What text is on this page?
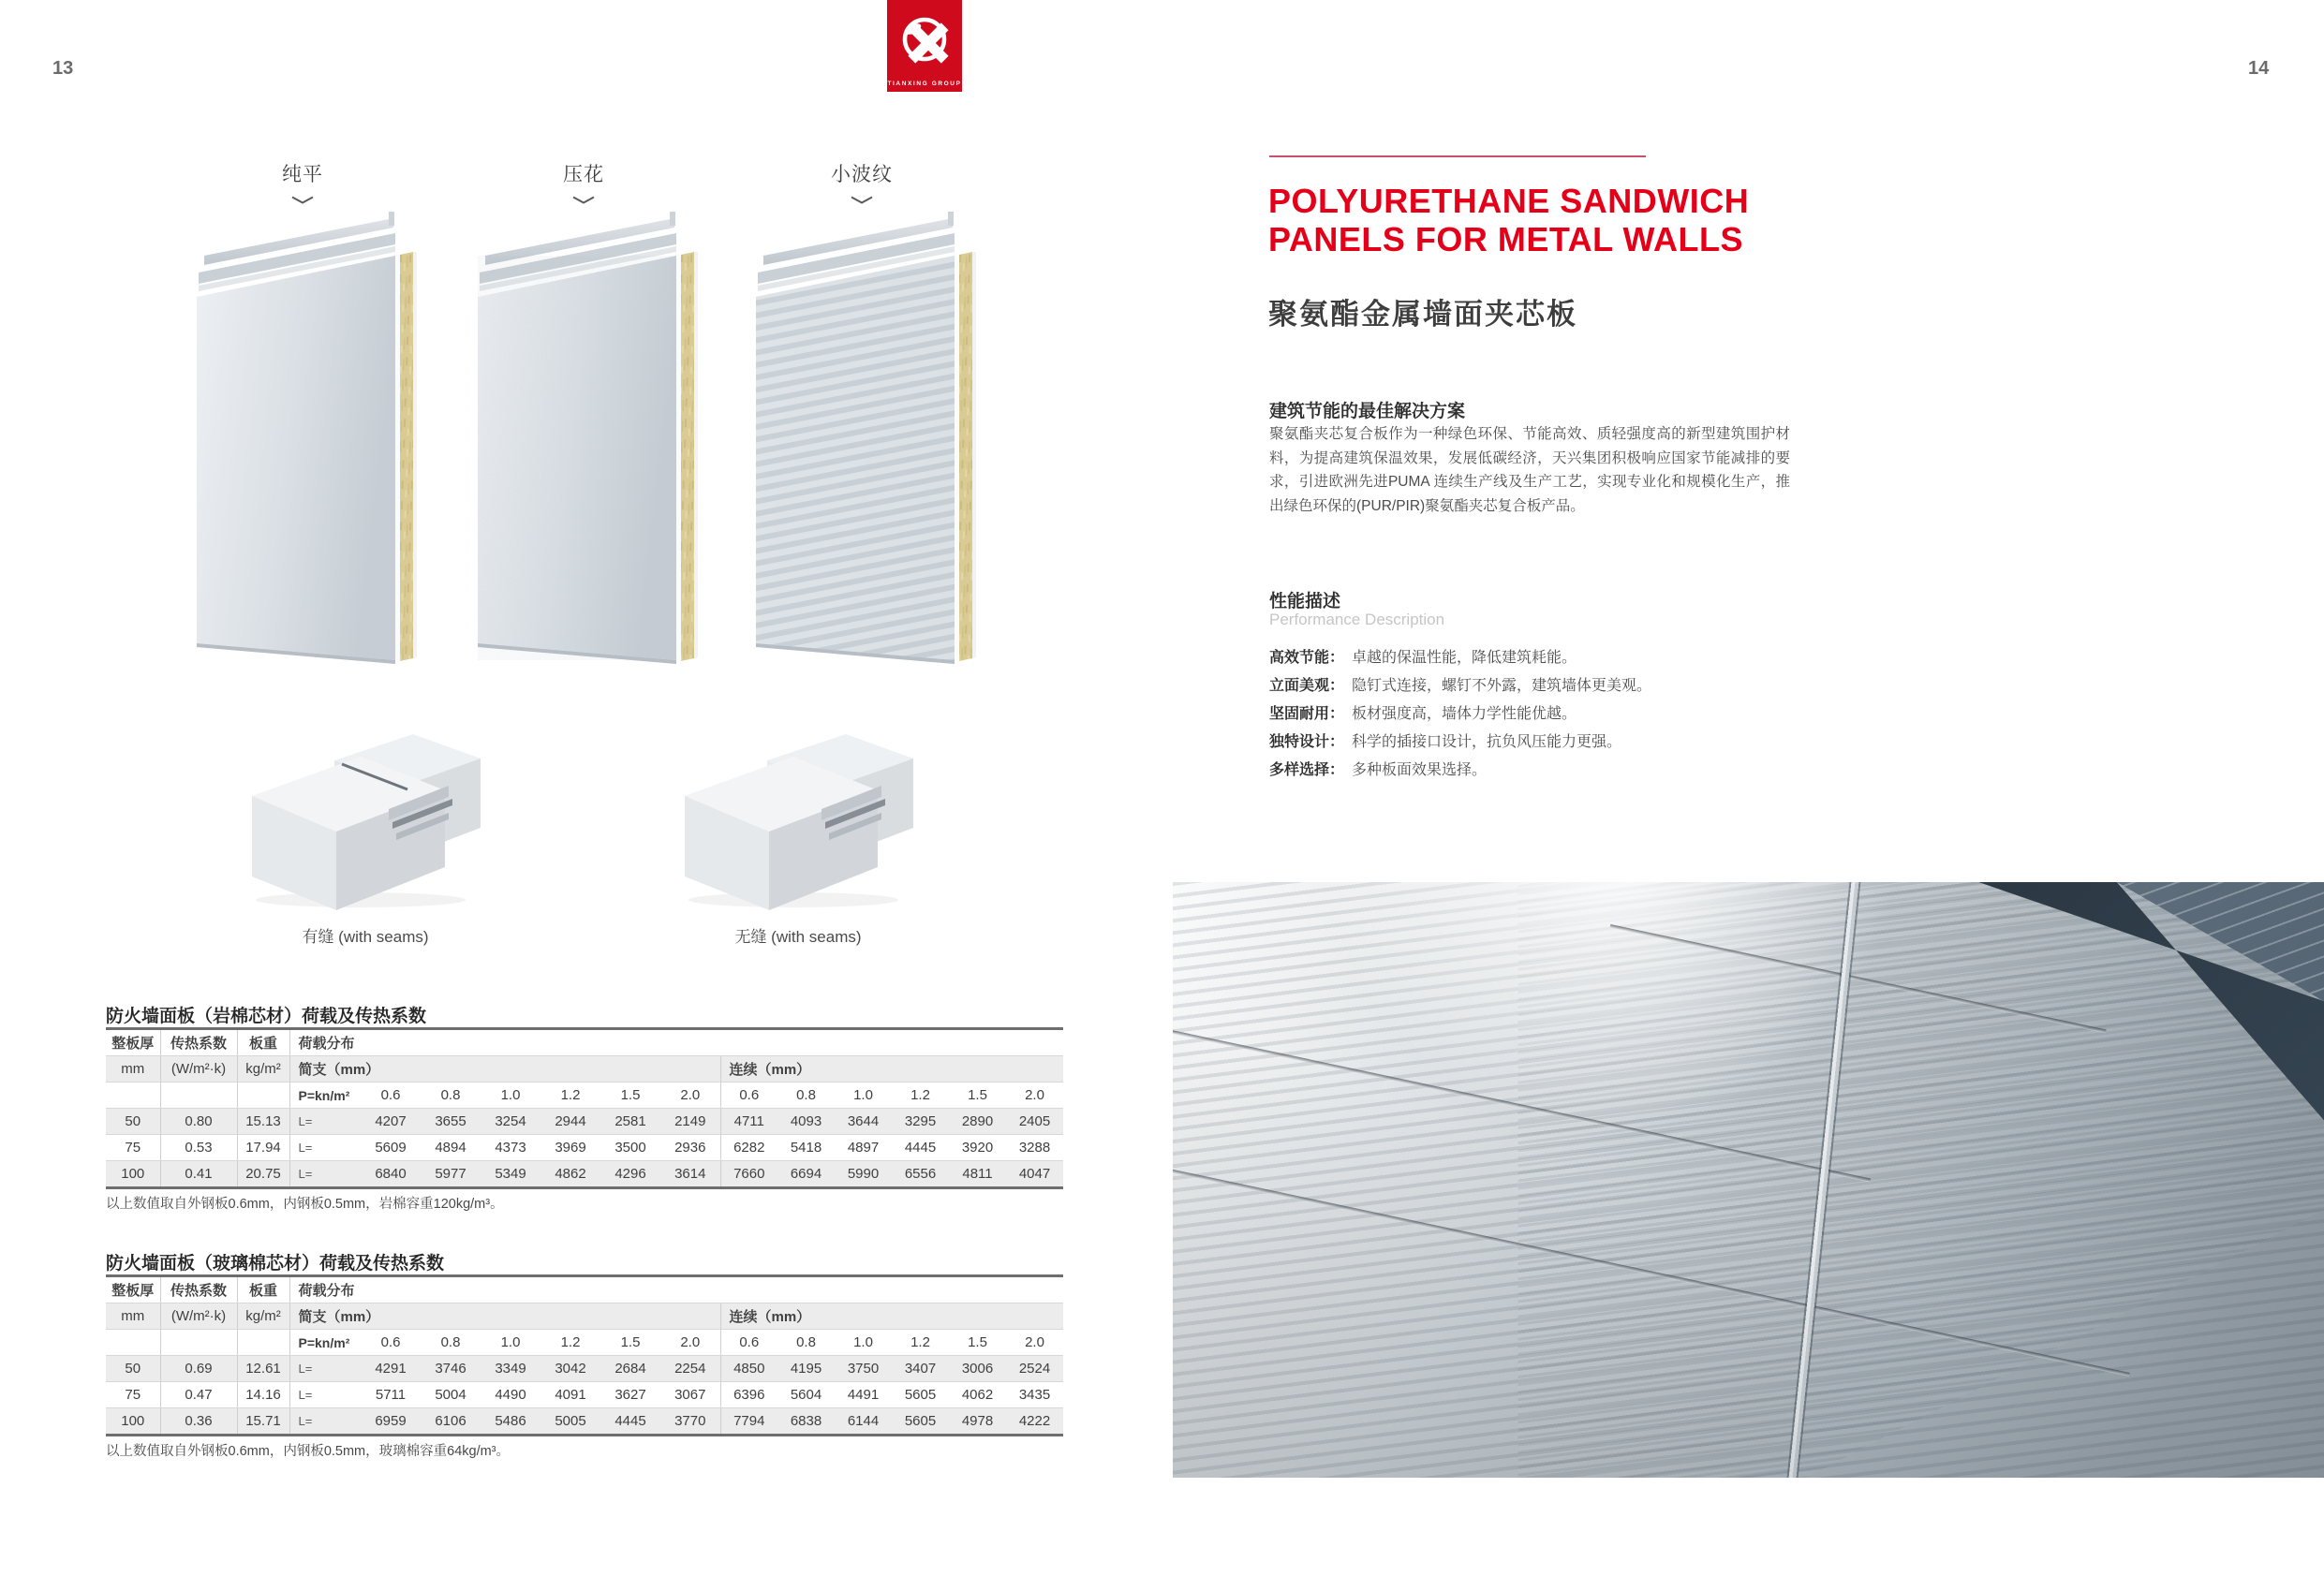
13	14
TIANXING GROUP
纯平	压花	小波纹
有缝 (with seams)	无缝 (with seams)
防火墙面板（岩棉芯材）荷载及传热系数
整板厚	传热系数	板重	荷载分布												
mm	(W/m²·k)	kg/m²	简支（mm）							连续（mm）					
			P=kn/m²	0.6	0.8	1.0	1.2	1.5	2.0	0.6	0.8	1.0	1.2	1.5	2.0
50	0.80	15.13	L=	4207	3655	3254	2944	2581	2149	4711	4093	3644	3295	2890	2405
75	0.53	17.94	L=	5609	4894	4373	3969	3500	2936	6282	5418	4897	4445	3920	3288
100	0.41	20.75	L=	6840	5977	5349	4862	4296	3614	7660	6694	5990	6556	4811	4047
以上数值取自外钢板0.6mm，内钢板0.5mm，岩棉容重120kg/m³。
防火墙面板（玻璃棉芯材）荷载及传热系数
整板厚	传热系数	板重	荷载分布												
mm	(W/m²·k)	kg/m²	简支（mm）							连续（mm）					
			P=kn/m²	0.6	0.8	1.0	1.2	1.5	2.0	0.6	0.8	1.0	1.2	1.5	2.0
50	0.69	12.61	L=	4291	3746	3349	3042	2684	2254	4850	4195	3750	3407	3006	2524
75	0.47	14.16	L=	5711	5004	4490	4091	3627	3067	6396	5604	4491	5605	4062	3435
100	0.36	15.71	L=	6959	6106	5486	5005	4445	3770	7794	6838	6144	5605	4978	4222
以上数值取自外钢板0.6mm，内钢板0.5mm，玻璃棉容重64kg/m³。
POLYURETHANE SANDWICH
PANELS FOR METAL WALLS
聚氨酯金属墙面夹芯板
建筑节能的最佳解决方案
聚氨酯夹芯复合板作为一种绿色环保、节能高效、质轻强度高的新型建筑围护材料，为提高建筑保温效果，发展低碳经济，天兴集团积极响应国家节能减排的要求，引进欧洲先进PUMA 连续生产线及生产工艺，实现专业化和规模化生产，推出绿色环保的(PUR/PIR)聚氨酯夹芯复合板产品。
性能描述
Performance Description
高效节能： 卓越的保温性能，降低建筑耗能。
立面美观： 隐钉式连接，螺钉不外露，建筑墙体更美观。
坚固耐用： 板材强度高，墙体力学性能优越。
独特设计： 科学的插接口设计，抗负风压能力更强。
多样选择： 多种板面效果选择。
